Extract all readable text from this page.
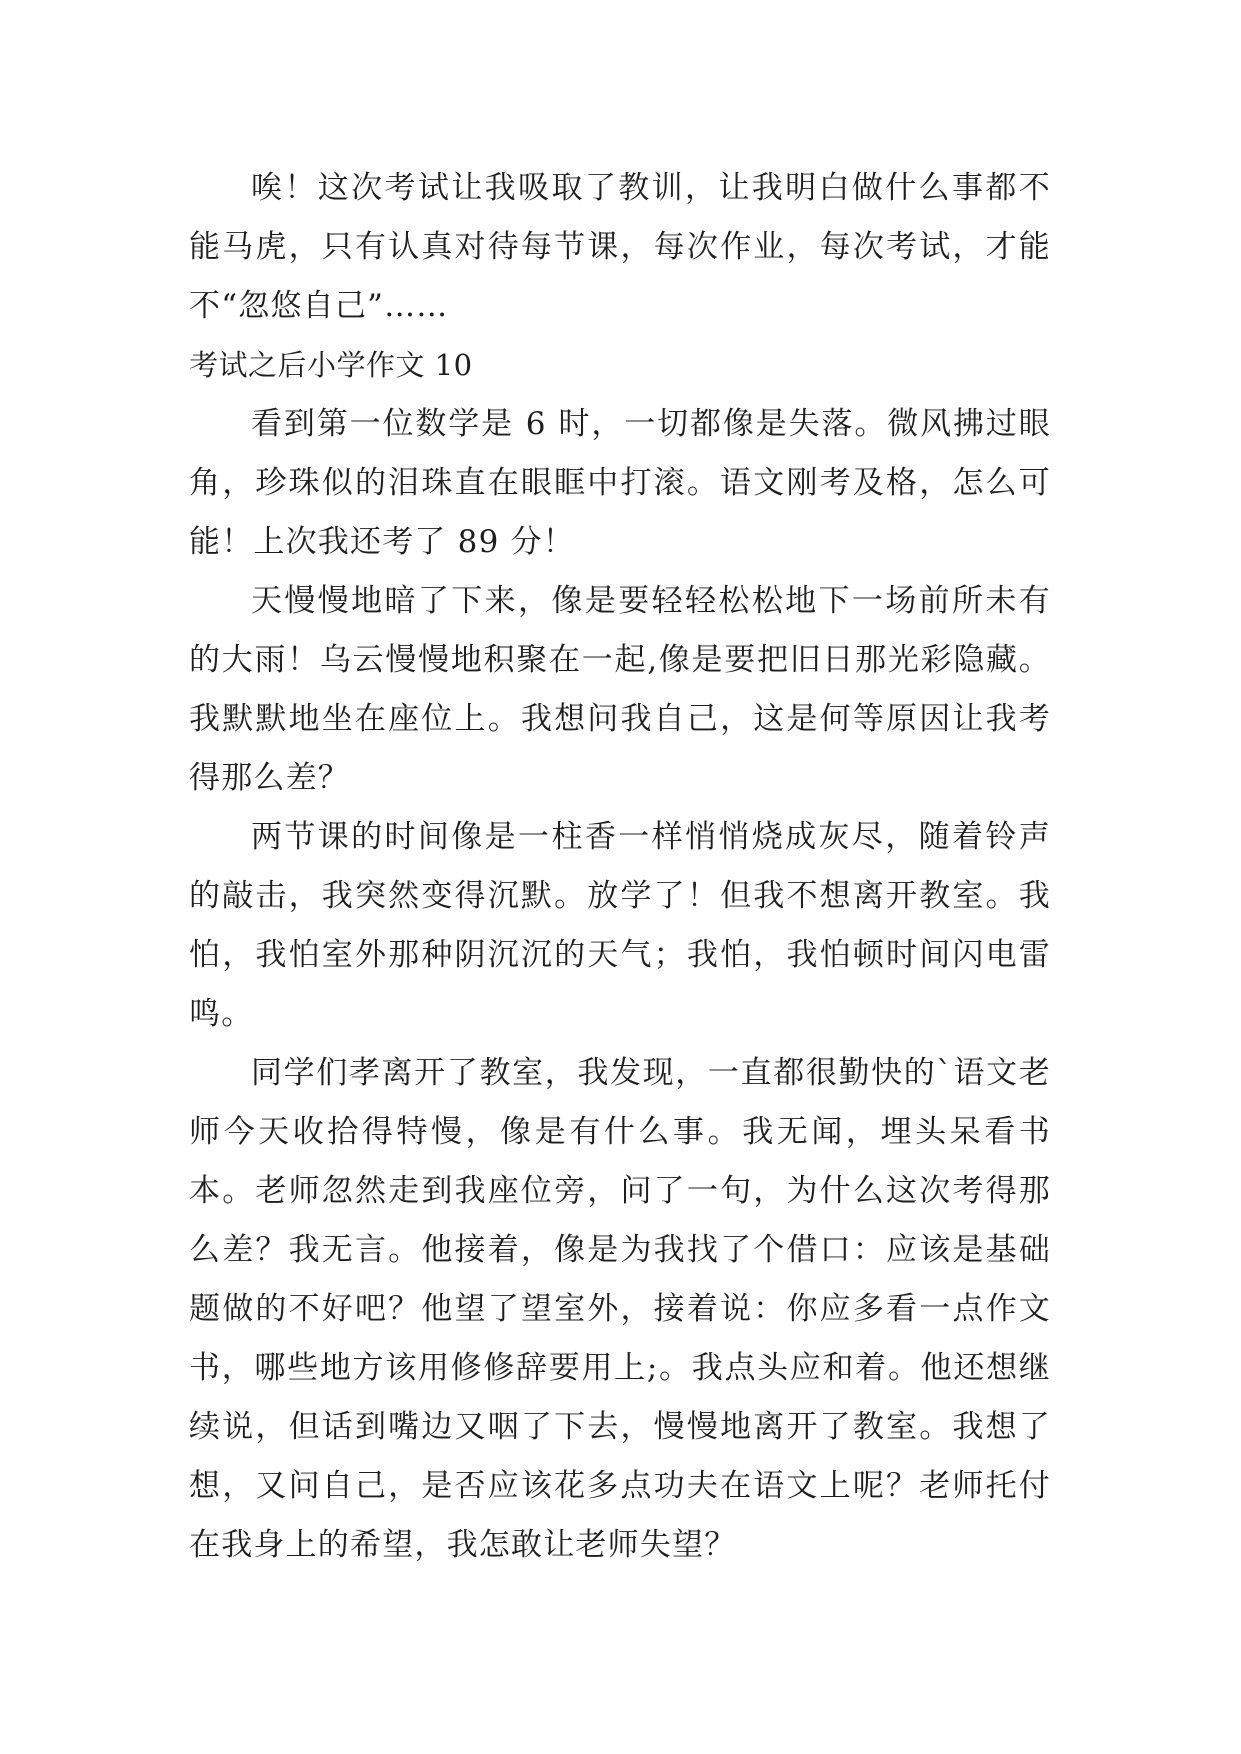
唉！这次考试让我吸取了教训，让我明白做什么事都不能马虎，只有认真对待每节课，每次作业，每次考试，才能不“忽悠自己”……

考试之后小学作文 10

看到第一位数学是 6 时，一切都像是失落。微风拂过眼角，珍珠似的泪珠直在眼眶中打滚。语文刚考及格，怎么可能！上次我还考了 89 分！

天慢慢地暗了下来，像是要轻轻松松地下一场前所未有的大雨！乌云慢慢地积聚在一起,像是要把旧日那光彩隐藏。我默默地坐在座位上。我想问我自己，这是何等原因让我考得那么差？

两节课的时间像是一柱香一样悄悄烧成灰尽，随着铃声的敲击，我突然变得沉默。放学了！但我不想离开教室。我怕，我怕室外那种阴沉沉的天气；我怕，我怕顿时间闪电雷鸣。

同学们孝离开了教室，我发现，一直都很勤快的`语文老师今天收拾得特慢，像是有什么事。我无闻，埋头呆看书本。老师忽然走到我座位旁，问了一句，为什么这次考得那么差？我无言。他接着，像是为我找了个借口：应该是基础题做的不好吧？他望了望室外，接着说：你应多看一点作文书，哪些地方该用修修辞要用上;。我点头应和着。他还想继续说，但话到嘴边又咽了下去，慢慢地离开了教室。我想了想，又问自己，是否应该花多点功夫在语文上呢？老师托付在我身上的希望，我怎敢让老师失望？
